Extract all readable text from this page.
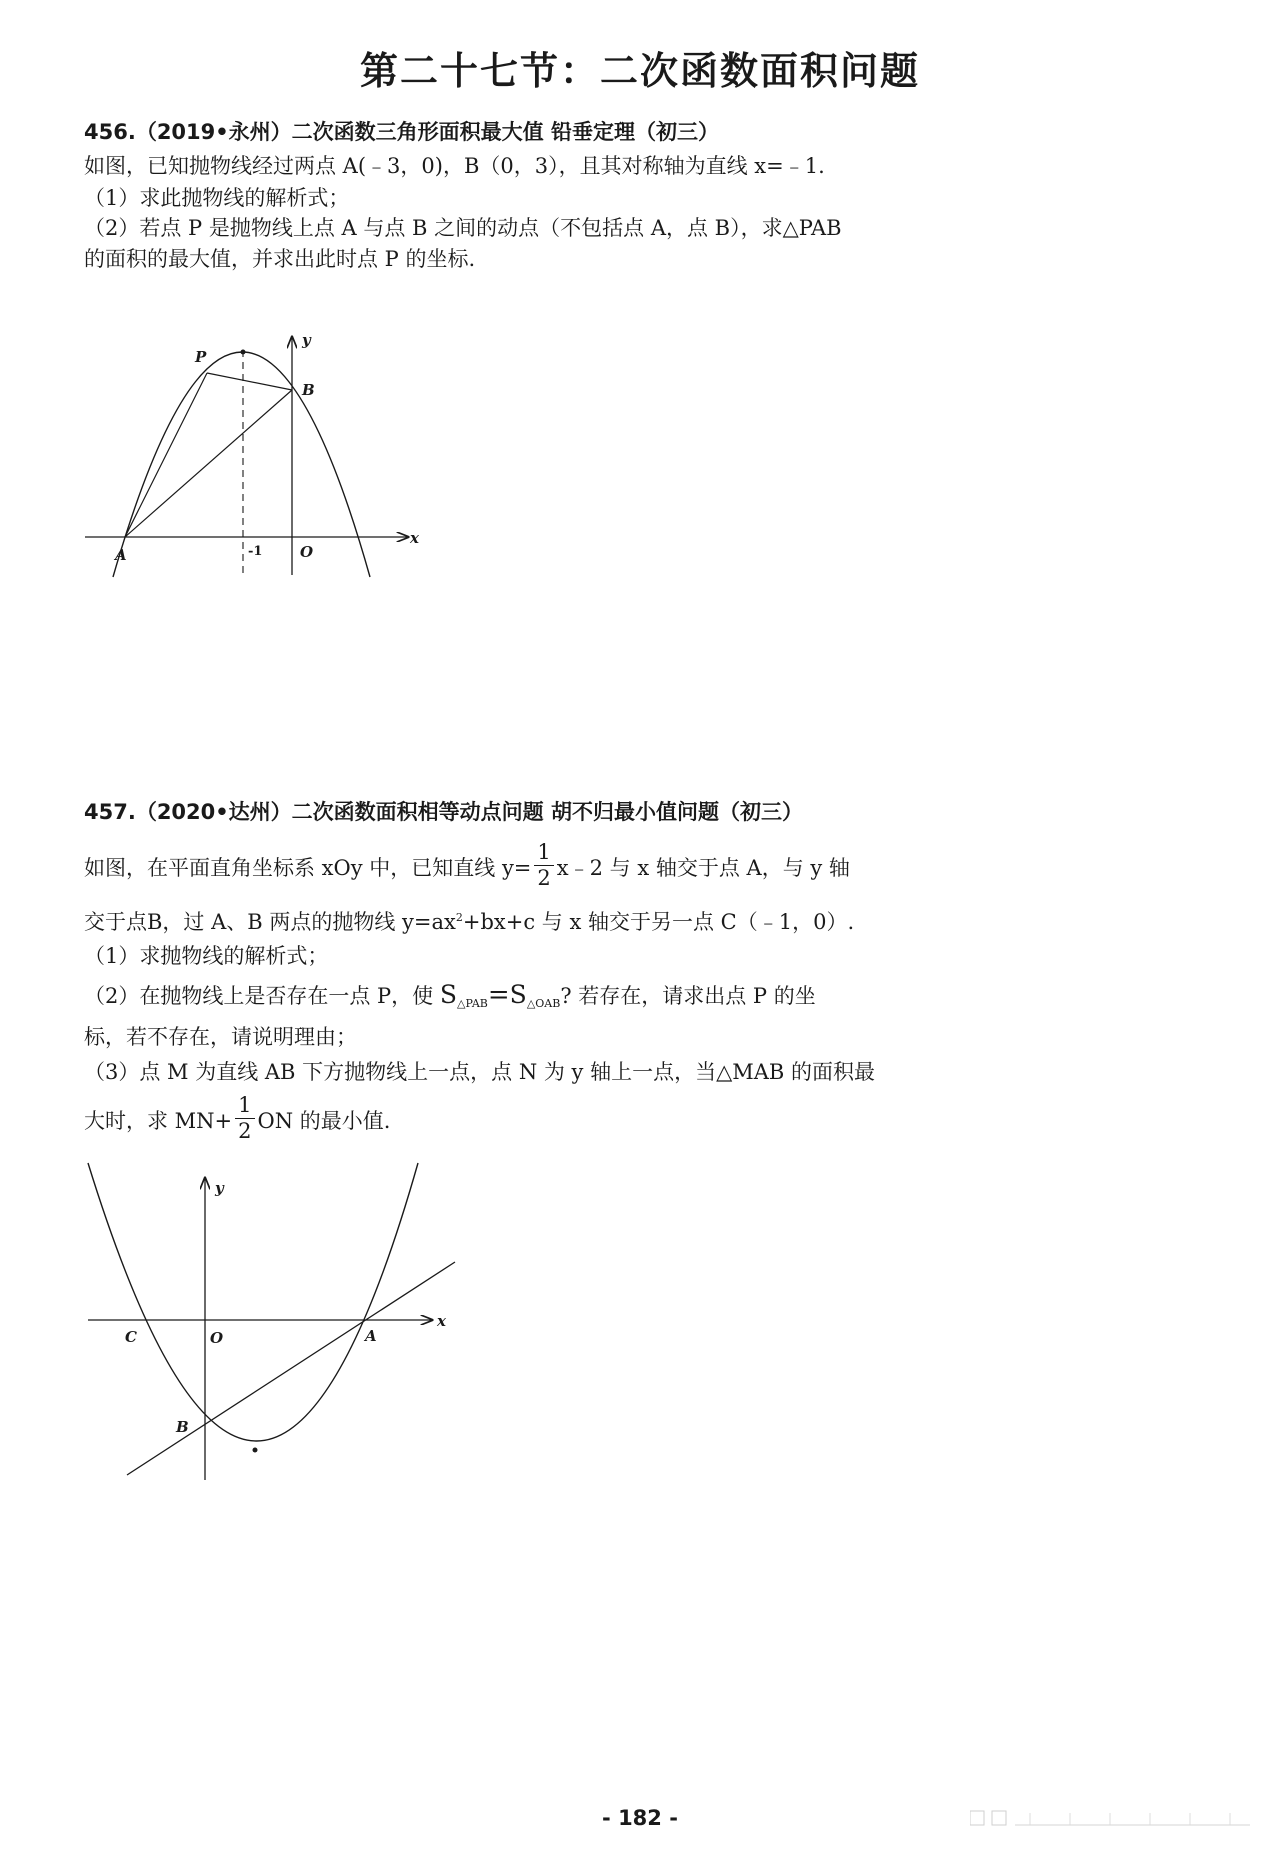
第二十七节：二次函数面积问题
456.（2019•永州）二次函数三角形面积最大值 铅垂定理（初三）
如图，已知抛物线经过两点 A(﹣3，0)，B（0，3），且其对称轴为直线 x=﹣1.
（1）求此抛物线的解析式；
（2）若点 P 是抛物线上点 A 与点 B 之间的动点（不包括点 A，点 B），求△PAB
的面积的最大值，并求出此时点 P 的坐标.
P
B
A
y
x
O
-1
457.（2020•达州）二次函数面积相等动点问题 胡不归最小值问题（初三）
如图，在平面直角坐标系 xOy 中，已知直线 $y= \frac{1}{2}$ x﹣2 与 x 轴交于点 A，与 y 轴
交于点B，过 A、B 两点的抛物线 $y=ax^2+bx+c$ 与 x 轴交于另一点 C（﹣1，0）.
（1）求抛物线的解析式；
（2）在抛物线上是否存在一点 P，使 S△PAB=S△OAB? 若存在，请求出点 P 的坐
标，若不存在，请说明理由；
（3）点 M 为直线 AB 下方抛物线上一点，点 N 为 y 轴上一点，当△MAB 的面积最
大时，求 $MN+ \frac{1}{2}$ ON 的最小值.
y
x
C	O	A
B
- 182 -
